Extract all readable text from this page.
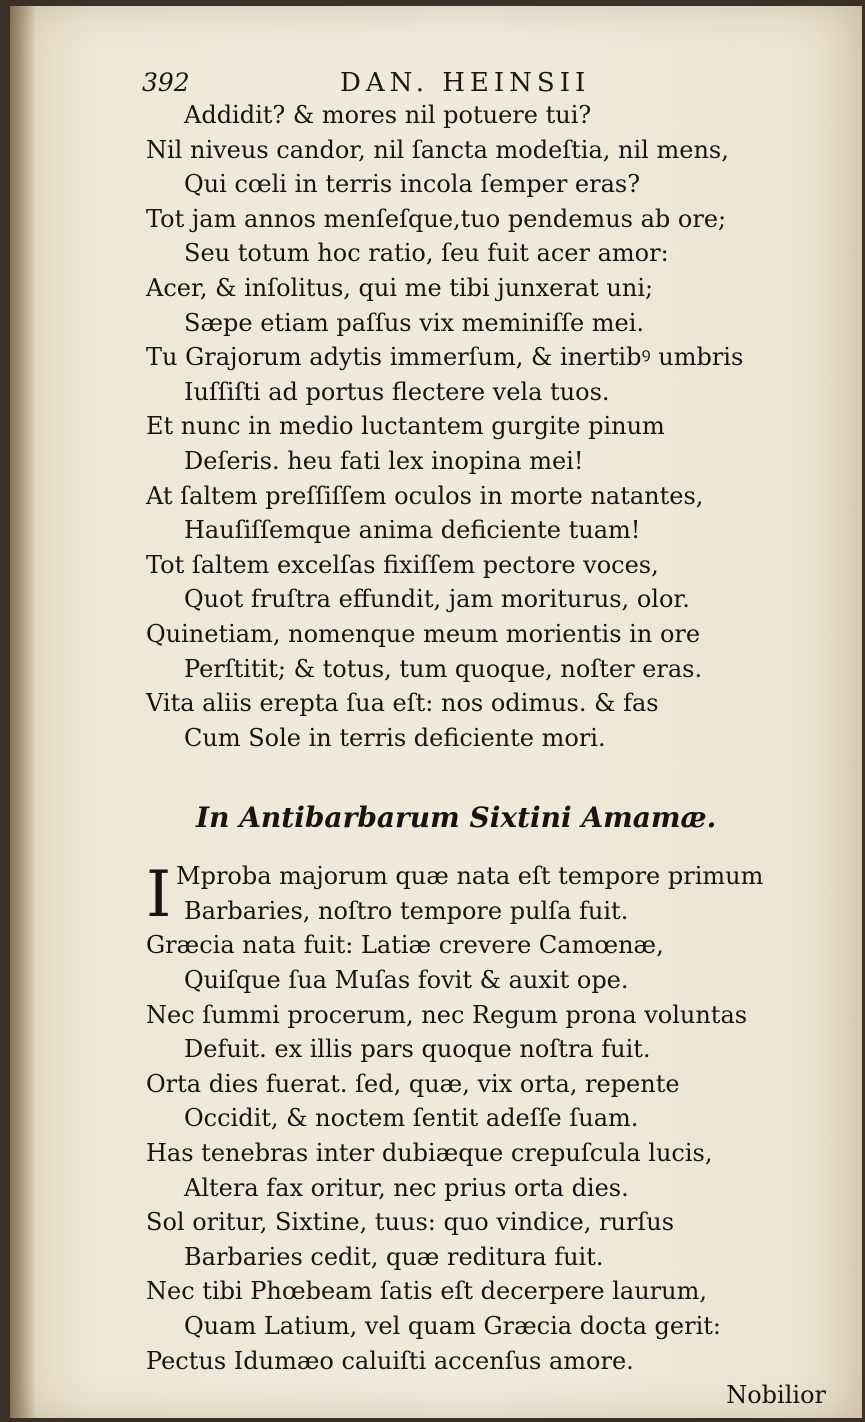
392	DAN. HEINSII
Addidit? & mores nil potuere tui?
Nil niveus candor, nil ſancta modeſtia, nil mens,
Qui cœli in terris incola ſemper eras?
Tot jam annos menſeſque,tuo pendemus ab ore;
Seu totum hoc ratio, ſeu fuit acer amor:
Acer, & inſolitus, qui me tibi junxerat uni;
Sæpe etiam paſſus vix meminiſſe mei.
Tu Grajorum adytis immerſum, & inertibꝰ umbris
Iuſſiſti ad portus flectere vela tuos.
Et nunc in medio luctantem gurgite pinum
Deſeris. heu fati lex inopina mei!
At ſaltem preſſiſſem oculos in morte natantes,
Hauſiſſemque anima deficiente tuam!
Tot ſaltem excelſas fixiſſem pectore voces,
Quot fruſtra effundit, jam moriturus, olor.
Quinetiam, nomenque meum morientis in ore
Perſtitit; & totus, tum quoque, noſter eras.
Vita aliis erepta ſua eſt: nos odimus. & fas
Cum Sole in terris deficiente mori.
In Antibarbarum Sixtini Amamæ.
I Mproba majorum quæ nata eſt tempore primum
Barbaries, noſtro tempore pulſa fuit.
Græcia nata fuit: Latiæ crevere Camœnæ,
Quiſque ſua Muſas fovit & auxit ope.
Nec ſummi procerum, nec Regum prona voluntas
Defuit. ex illis pars quoque noſtra fuit.
Orta dies fuerat. ſed, quæ, vix orta, repente
Occidit, & noctem ſentit adeſſe ſuam.
Has tenebras inter dubiæque crepuſcula lucis,
Altera fax oritur, nec prius orta dies.
Sol oritur, Sixtine, tuus: quo vindice, rurſus
Barbaries cedit, quæ reditura fuit.
Nec tibi Phœbeam ſatis eſt decerpere laurum,
Quam Latium, vel quam Græcia docta gerit:
Pectus Idumæo caluiſti accenſus amore.
Nobilior
